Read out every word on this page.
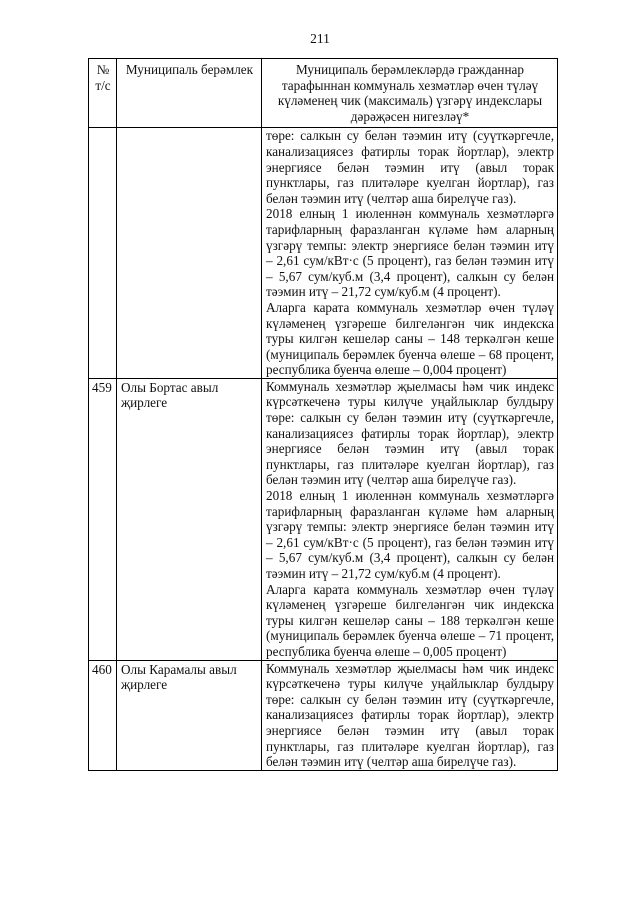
211
№ т/с	Муниципаль берәмлек	Муниципаль берәмлекләрдә гражданнар тарафыннан коммуналь хезмәтләр өчен түләү күләменең чик (максималь) үзгәрү индекслары дәрәҗәсен нигезләү*

		төре: салкын су белән тәэмин итү (суүткәргечле, канализациясез фатирлы торак йортлар), электр энергиясе белән тәэмин итү (авыл торак пунктлары, газ плитәләре куелган йортлар), газ белән тәэмин итү (челтәр аша бирелүче газ).

2018 елның 1 июленнән коммуналь хезмәтләргә тарифларның фаразланган күләме һәм аларның үзгәрү темпы: электр энергиясе белән тәэмин итү – 2,61 сум/кВт·с (5 процент), газ белән тәэмин итү – 5,67 сум/куб.м (3,4 процент), салкын су белән тәэмин итү – 21,72 сум/куб.м (4 процент).

Аларга карата коммуналь хезмәтләр өчен түләү күләменең үзгәреше билгеләнгән чик индекска туры килгән кешеләр саны – 148 теркәлгән кеше (муниципаль берәмлек буенча өлеше – 68 процент, республика буенча өлеше – 0,004 процент)

459	Олы Бортас авыл җирлеге	Коммуналь хезмәтләр җыелмасы һәм чик индекс күрсәткеченә туры килүче уңайлыклар булдыру төре: салкын су белән тәэмин итү (суүткәргечле, канализациясез фатирлы торак йортлар), электр энергиясе белән тәэмин итү (авыл торак пунктлары, газ плитәләре куелган йортлар), газ белән тәэмин итү (челтәр аша бирелүче газ).

2018 елның 1 июленнән коммуналь хезмәтләргә тарифларның фаразланган күләме һәм аларның үзгәрү темпы: электр энергиясе белән тәэмин итү – 2,61 сум/кВт·с (5 процент), газ белән тәэмин итү – 5,67 сум/куб.м (3,4 процент), салкын су белән тәэмин итү – 21,72 сум/куб.м (4 процент).

Аларга карата коммуналь хезмәтләр өчен түләү күләменең үзгәреше билгеләнгән чик индекска туры килгән кешеләр саны – 188 теркәлгән кеше (муниципаль берәмлек буенча өлеше – 71 процент, республика буенча өлеше – 0,005 процент)

460	Олы Карамалы авыл җирлеге	Коммуналь хезмәтләр җыелмасы һәм чик индекс күрсәткеченә туры килүче уңайлыклар булдыру төре: салкын су белән тәэмин итү (суүткәргечле, канализациясез фатирлы торак йортлар), электр энергиясе белән тәэмин итү (авыл торак пунктлары, газ плитәләре куелган йортлар), газ белән тәэмин итү (челтәр аша бирелүче газ).
